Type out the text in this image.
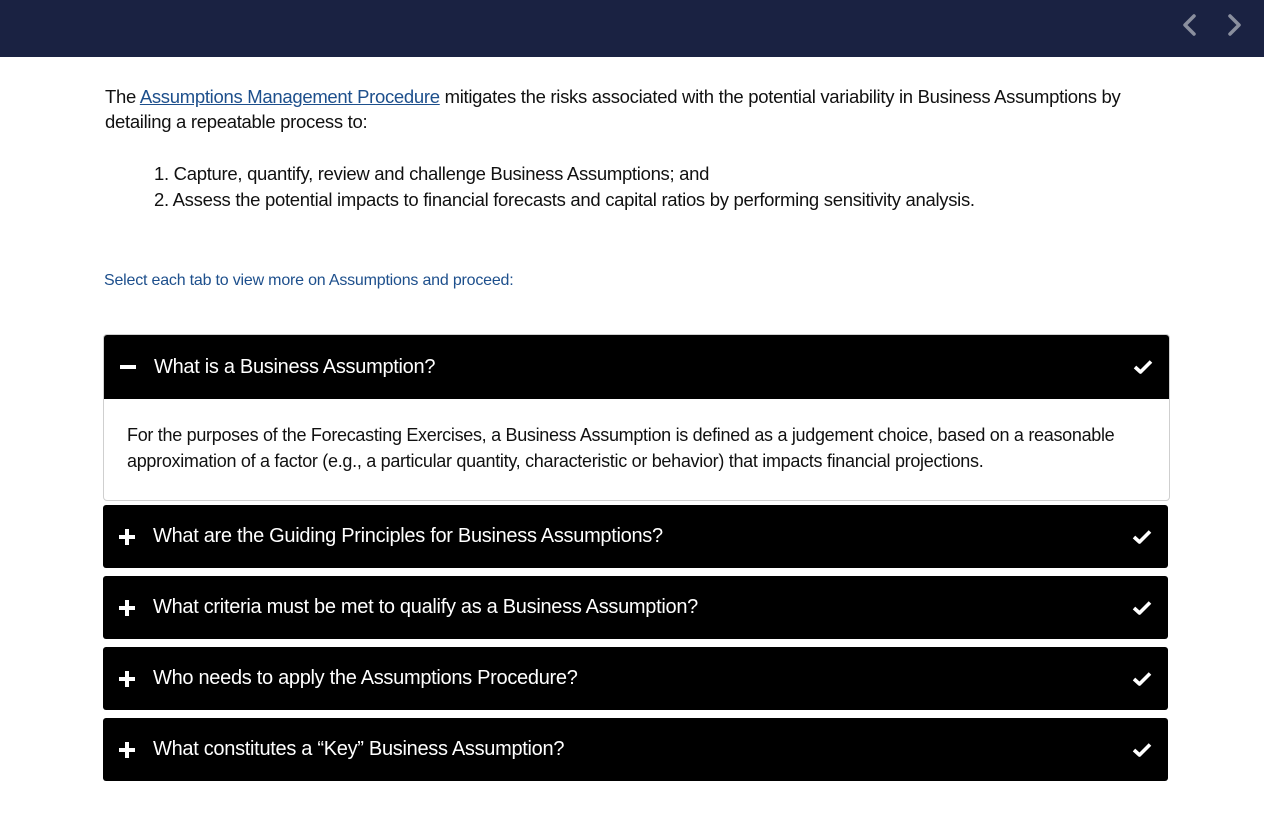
The Assumptions Management Procedure mitigates the risks associated with the potential variability in Business Assumptions by detailing a repeatable process to:

1. Capture, quantify, review and challenge Business Assumptions; and
2. Assess the potential impacts to financial forecasts and capital ratios by performing sensitivity analysis.
Select each tab to view more on Assumptions and proceed:
What is a Business Assumption?
For the purposes of the Forecasting Exercises, a Business Assumption is defined as a judgement choice, based on a reasonable approximation of a factor (e.g., a particular quantity, characteristic or behavior) that impacts financial projections.
What are the Guiding Principles for Business Assumptions?
What criteria must be met to qualify as a Business Assumption?
Who needs to apply the Assumptions Procedure?
What constitutes a “Key” Business Assumption?
